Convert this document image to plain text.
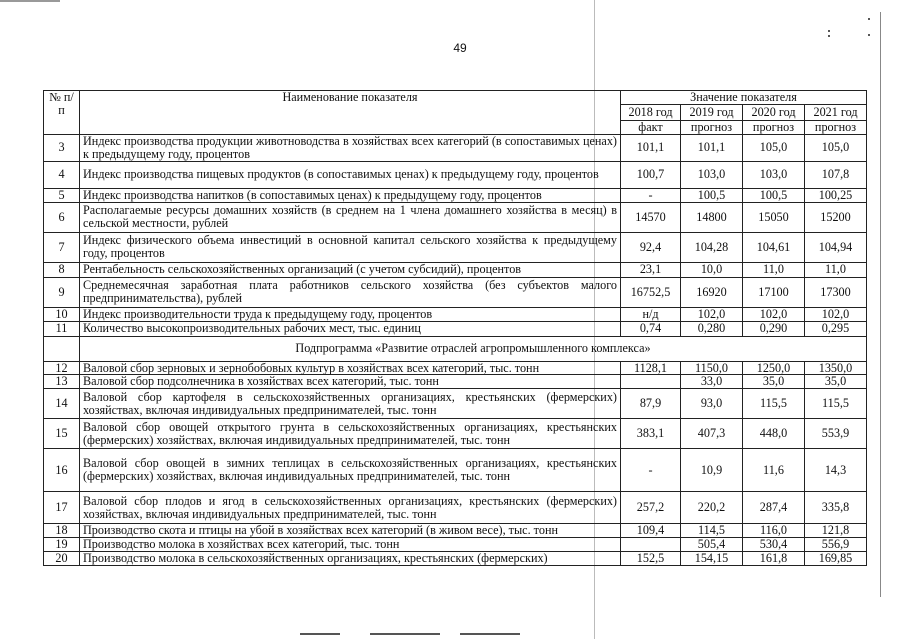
49
№ п/п	Наименование показателя	Значение показателя			
		2018 год	2019 год	2020 год	2021 год
		факт	прогноз	прогноз	прогноз
3	Индекс производства продукции животноводства в хозяйствах всех категорий (в сопоставимых ценах) к предыдущему году, процентов	101,1	101,1	105,0	105,0
4	Индекс производства пищевых продуктов (в сопоставимых ценах) к предыдущему году, процентов	100,7	103,0	103,0	107,8
5	Индекс производства напитков (в сопоставимых ценах) к предыдущему году, процентов	-	100,5	100,5	100,25
6	Располагаемые ресурсы домашних хозяйств (в среднем на 1 члена домашнего хозяйства в месяц) в сельской местности, рублей	14570	14800	15050	15200
7	Индекс физического объема инвестиций в основной капитал сельского хозяйства к предыдущему году, процентов	92,4	104,28	104,61	104,94
8	Рентабельность сельскохозяйственных организаций (с учетом субсидий), процентов	23,1	10,0	11,0	11,0
9	Среднемесячная заработная плата работников сельского хозяйства (без субъектов малого предпринимательства), рублей	16752,5	16920	17100	17300
10	Индекс производительности труда к предыдущему году, процентов	н/д	102,0	102,0	102,0
11	Количество высокопроизводительных рабочих мест, тыс. единиц	0,74	0,280	0,290	0,295
	Подпрограмма «Развитие отраслей агропромышленного комплекса»				
12	Валовой сбор зерновых и зернобобовых культур в хозяйствах всех категорий, тыс. тонн	1128,1	1150,0	1250,0	1350,0
13	Валовой сбор подсолнечника в хозяйствах всех категорий, тыс. тонн		33,0	35,0	35,0
14	Валовой сбор картофеля в сельскохозяйственных организациях, крестьянских (фермерских) хозяйствах, включая индивидуальных предпринимателей, тыс. тонн	87,9	93,0	115,5	115,5
15	Валовой сбор овощей открытого грунта в сельскохозяйственных организациях, крестьянских (фермерских) хозяйствах, включая индивидуальных предпринимателей, тыс. тонн	383,1	407,3	448,0	553,9
16	Валовой сбор овощей в зимних теплицах в сельскохозяйственных организациях, крестьянских (фермерских) хозяйствах, включая индивидуальных предпринимателей, тыс. тонн	-	10,9	11,6	14,3
17	Валовой сбор плодов и ягод в сельскохозяйственных организациях, крестьянских (фермерских) хозяйствах, включая индивидуальных предпринимателей, тыс. тонн	257,2	220,2	287,4	335,8
18	Производство скота и птицы на убой в хозяйствах всех категорий (в живом весе), тыс. тонн	109,4	114,5	116,0	121,8
19	Производство молока в хозяйствах всех категорий, тыс. тонн		505,4	530,4	556,9
20	Производство молока в сельскохозяйственных организациях, крестьянских (фермерских)	152,5	154,15	161,8	169,85
